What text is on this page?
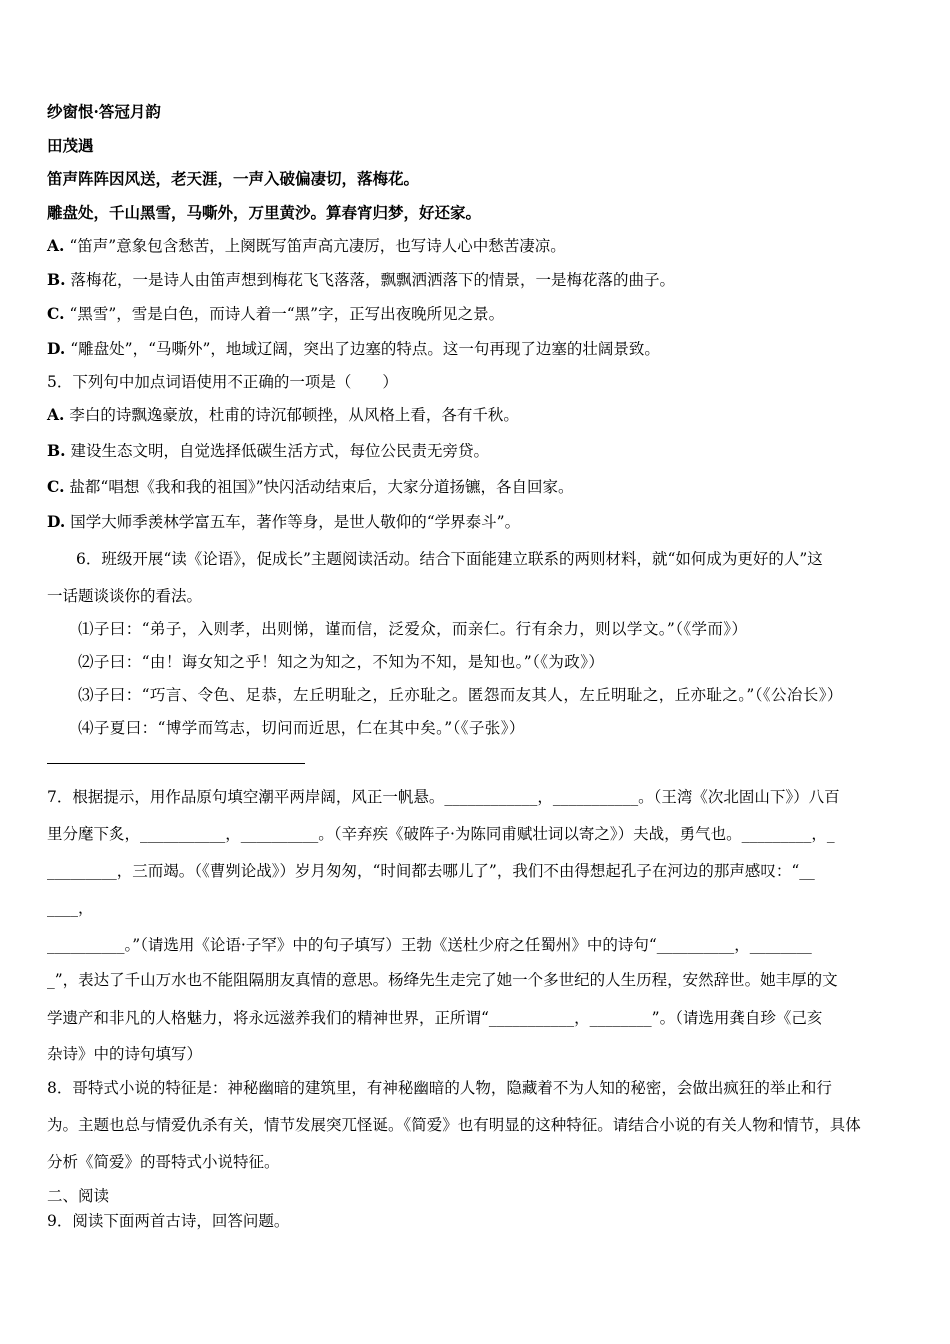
纱窗恨·答冠月韵
田茂遇
笛声阵阵因风送，老天涯，一声入破偏凄切，落梅花。
雕盘处，千山黑雪，马嘶外，万里黄沙。算春宵归梦，好还家。
A. “笛声”意象包含愁苦，上阕既写笛声高亢凄厉，也写诗人心中愁苦凄凉。
B. 落梅花，一是诗人由笛声想到梅花飞飞落落，飘飘洒洒落下的情景，一是梅花落的曲子。
C. “黑雪”，雪是白色，而诗人着一“黑”字，正写出夜晚所见之景。
D. “雕盘处”，“马嘶外”，地域辽阔，突出了边塞的特点。这一句再现了边塞的壮阔景致。
5．下列句中加点词语使用不正确的一项是（　　）
A. 李白的诗飘逸豪放，杜甫的诗沉郁顿挫，从风格上看，各有千秋。
B. 建设生态文明，自觉选择低碳生活方式，每位公民责无旁贷。
C. 盐都“唱想《我和我的祖国》”快闪活动结束后，大家分道扬镳，各自回家。
D. 国学大师季羡林学富五车，著作等身，是世人敬仰的“学界泰斗”。
6．班级开展“读《论语》，促成长”主题阅读活动。结合下面能建立联系的两则材料，就“如何成为更好的人”这
一话题谈谈你的看法。
⑴子曰：“弟子，入则孝，出则悌，谨而信，泛爱众，而亲仁。行有余力，则以学文。”（《学而》）
⑵子曰：“由！诲女知之乎！知之为知之，不知为不知，是知也。”（《为政》）
⑶子曰：“巧言、令色、足恭，左丘明耻之，丘亦耻之。匿怨而友其人，左丘明耻之，丘亦耻之。”（《公冶长》）
⑷子夏曰：“博学而笃志，切问而近思，仁在其中矣。”（《子张》）
7．根据提示，用作品原句填空潮平两岸阔，风正一帆悬。____________，___________。（王湾《次北固山下》）八百
里分麾下炙，___________，__________。（辛弃疾《破阵子·为陈同甫赋壮词以寄之》）夫战，勇气也。_________，_
_________，三而竭。（《曹刿论战》）岁月匆匆，“时间都去哪儿了”，我们不由得想起孔子在河边的那声感叹：“__
____，
__________。”（请选用《论语·子罕》中的句子填写）王勃《送杜少府之任蜀州》中的诗句“__________，________
_”，表达了千山万水也不能阻隔朋友真情的意思。杨绛先生走完了她一个多世纪的人生历程，安然辞世。她丰厚的文
学遗产和非凡的人格魅力，将永远滋养我们的精神世界，正所谓“___________，________”。（请选用龚自珍《己亥
杂诗》中的诗句填写）
8．哥特式小说的特征是：神秘幽暗的建筑里，有神秘幽暗的人物，隐藏着不为人知的秘密，会做出疯狂的举止和行
为。主题也总与情爱仇杀有关，情节发展突兀怪诞。《简爱》也有明显的这种特征。请结合小说的有关人物和情节，具体
分析《简爱》的哥特式小说特征。
二、阅读
9．阅读下面两首古诗，回答问题。
